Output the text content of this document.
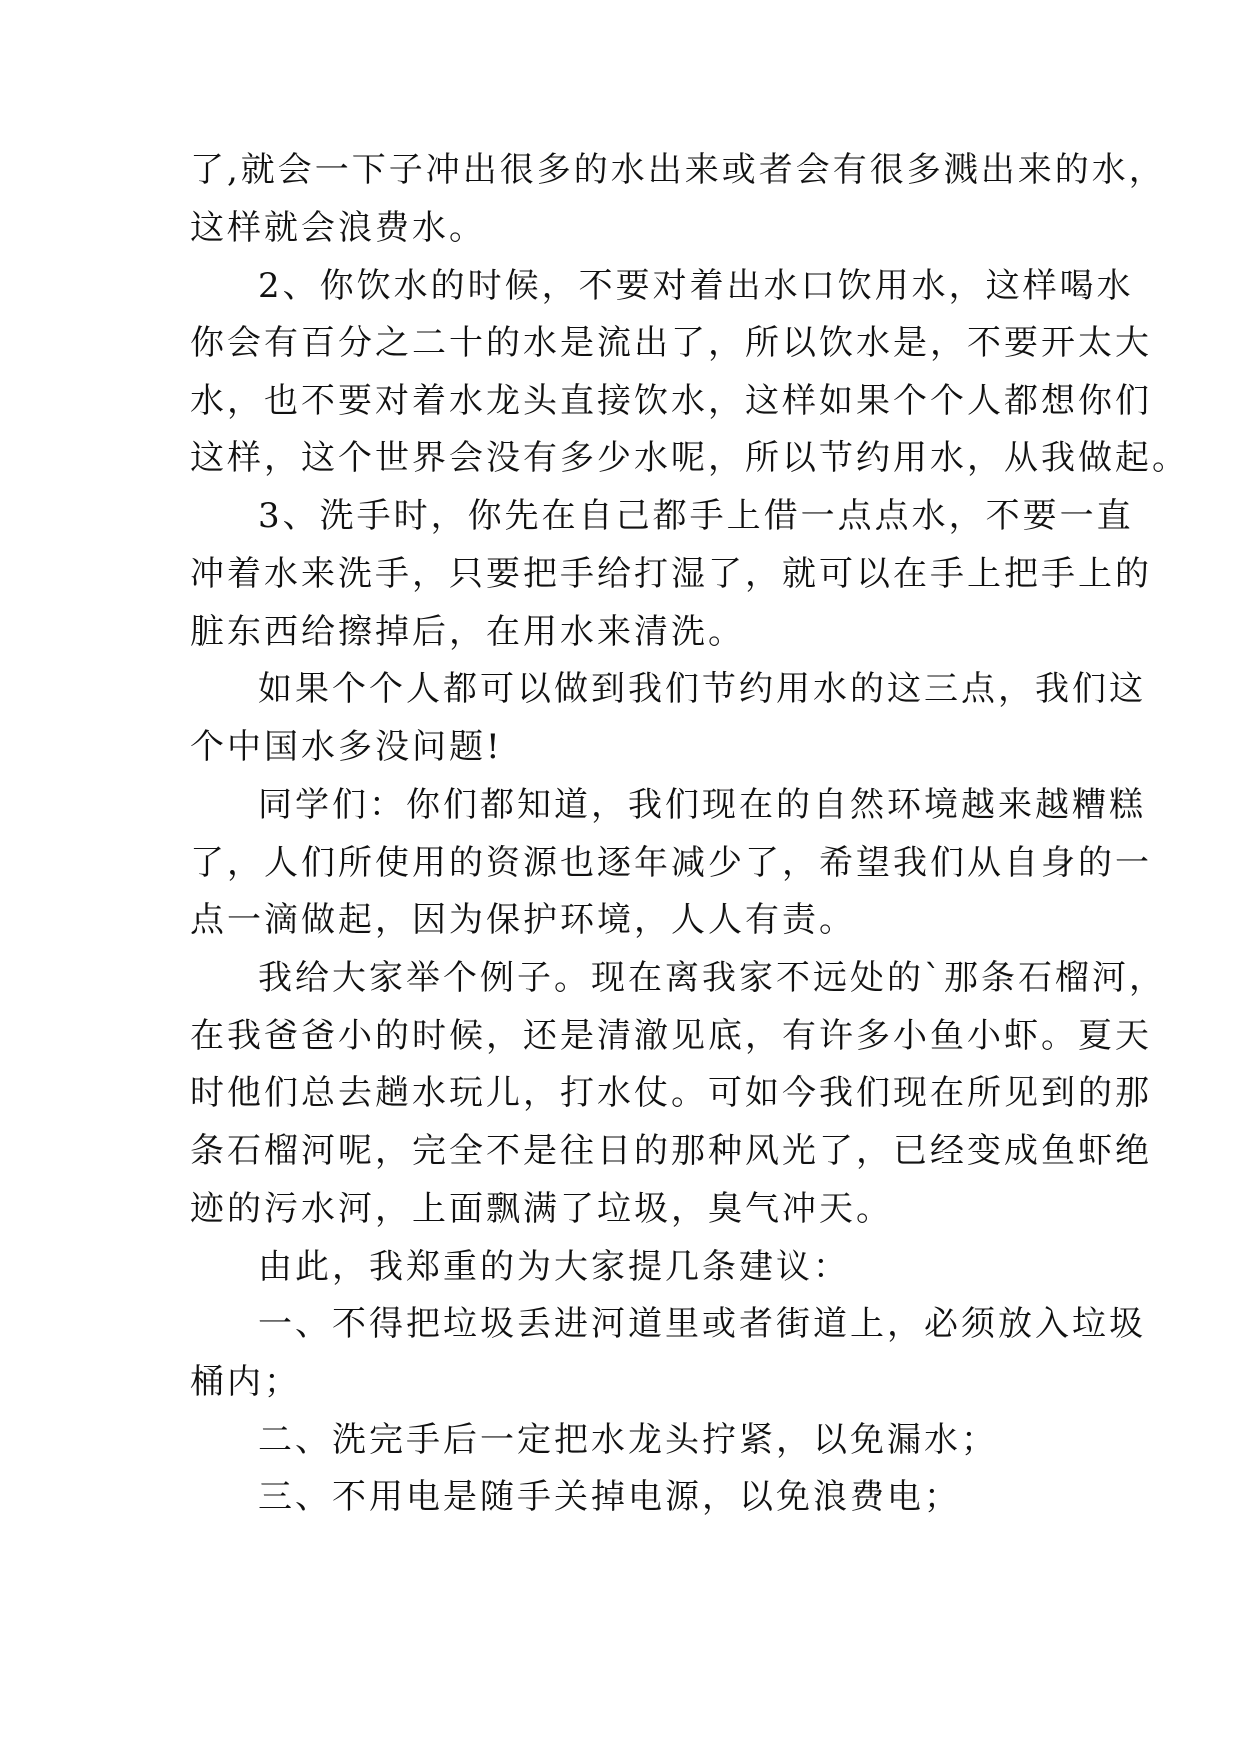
了,就会一下子冲出很多的水出来或者会有很多溅出来的水，
这样就会浪费水。
2、你饮水的时候，不要对着出水口饮用水，这样喝水
你会有百分之二十的水是流出了，所以饮水是，不要开太大
水，也不要对着水龙头直接饮水，这样如果个个人都想你们
这样，这个世界会没有多少水呢，所以节约用水，从我做起。
3、洗手时，你先在自己都手上借一点点水，不要一直
冲着水来洗手，只要把手给打湿了，就可以在手上把手上的
脏东西给擦掉后，在用水来清洗。
如果个个人都可以做到我们节约用水的这三点，我们这
个中国水多没问题!
同学们：你们都知道，我们现在的自然环境越来越糟糕
了，人们所使用的资源也逐年减少了，希望我们从自身的一
点一滴做起，因为保护环境，人人有责。
我给大家举个例子。现在离我家不远处的`那条石榴河，
在我爸爸小的时候，还是清澈见底，有许多小鱼小虾。夏天
时他们总去趟水玩儿，打水仗。可如今我们现在所见到的那
条石榴河呢，完全不是往日的那种风光了，已经变成鱼虾绝
迹的污水河，上面飘满了垃圾，臭气冲天。
由此，我郑重的为大家提几条建议：
一、不得把垃圾丢进河道里或者街道上，必须放入垃圾
桶内；
二、洗完手后一定把水龙头拧紧，以免漏水；
三、不用电是随手关掉电源，以免浪费电；
